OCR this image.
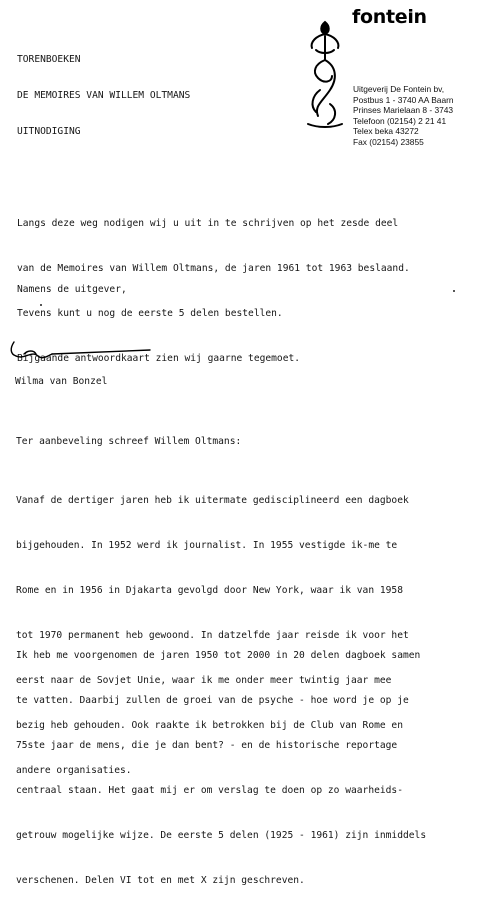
fontein
Uitgeverij De Fontein bv,
Postbus 1 - 3740 AA Baarn
Prinses Marielaan 8 - 3743
Telefoon (02154) 2 21 41
Telex beka 43272
Fax (02154) 23855
TORENBOEKEN
DE MEMOIRES VAN WILLEM OLTMANS
UITNODIGING

Langs deze weg nodigen wij u uit in te schrijven op het zesde deel

van de Memoires van Willem Oltmans, de jaren 1961 tot 1963 beslaand.

Tevens kunt u nog de eerste 5 delen bestellen.

Bijgaande antwoordkaart zien wij gaarne tegemoet.

Namens de uitgever,
Wilma van Bonzel
Ter aanbeveling schreef Willem Oltmans:

Vanaf de dertiger jaren heb ik uitermate gedisciplineerd een dagboek

bijgehouden. In 1952 werd ik journalist. In 1955 vestigde ik-me te

Rome en in 1956 in Djakarta gevolgd door New York, waar ik van 1958

tot 1970 permanent heb gewoond. In datzelfde jaar reisde ik voor het

eerst naar de Sovjet Unie, waar ik me onder meer twintig jaar mee

bezig heb gehouden. Ook raakte ik betrokken bij de Club van Rome en

andere organisaties.

Ik heb me voorgenomen de jaren 1950 tot 2000 in 20 delen dagboek samen

te vatten. Daarbij zullen de groei van de psyche - hoe word je op je

75ste jaar de mens, die je dan bent? - en de historische reportage

centraal staan. Het gaat mij er om verslag te doen op zo waarheids-

getrouw mogelijke wijze. De eerste 5 delen (1925 - 1961) zijn inmiddels

verschenen. Delen VI tot en met X zijn geschreven.
